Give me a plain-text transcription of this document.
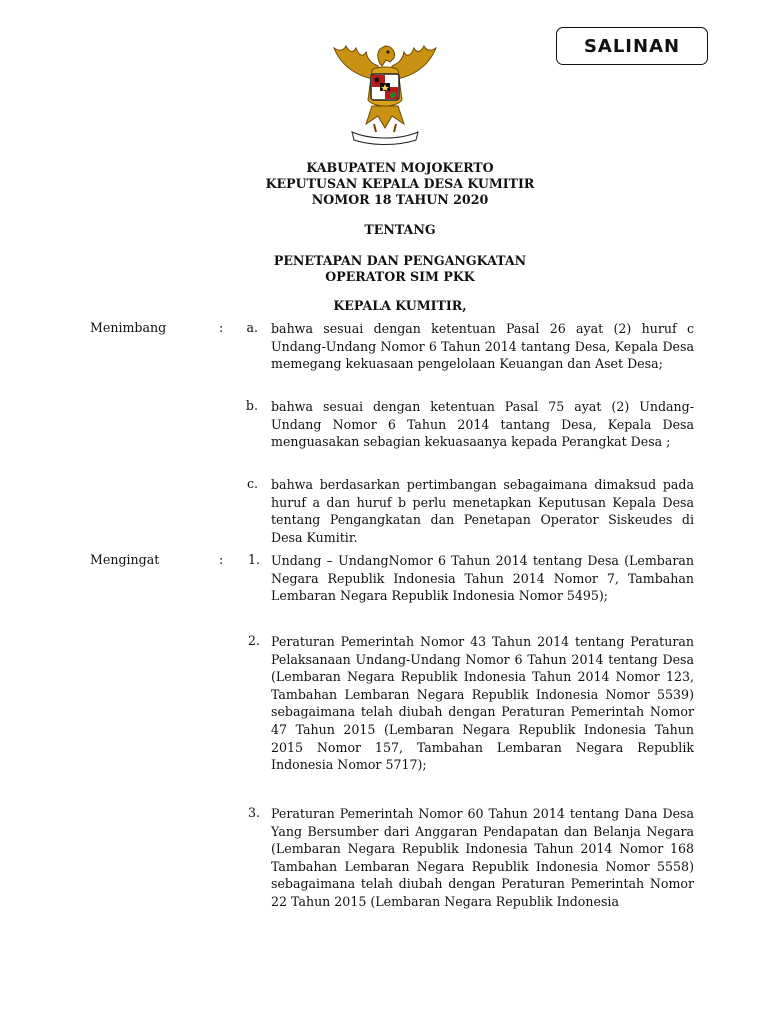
SALINAN
KABUPATEN MOJOKERTO
KEPUTUSAN KEPALA DESA KUMITIR
NOMOR 18 TAHUN 2020
TENTANG
PENETAPAN DAN PENGANGKATAN
OPERATOR SIM PKK
KEPALA KUMITIR,
Menimbang	:	a. bahwa sesuai dengan ketentuan Pasal 26 ayat (2) huruf c Undang-Undang Nomor 6 Tahun 2014 tantang Desa, Kepala Desa memegang kekuasaan pengelolaan Keuangan dan Aset Desa;
b. bahwa sesuai dengan ketentuan Pasal 75 ayat (2) Undang-Undang Nomor 6 Tahun 2014 tantang Desa, Kepala Desa menguasakan sebagian kekuasaanya kepada Perangkat Desa ;
c. bahwa berdasarkan pertimbangan sebagaimana dimaksud pada huruf a dan huruf b perlu menetapkan Keputusan Kepala Desa tentang Pengangkatan dan Penetapan Operator Siskeudes di Desa Kumitir.
Mengingat	:	1. Undang – UndangNomor 6 Tahun 2014 tentang Desa (Lembaran Negara Republik Indonesia Tahun 2014 Nomor 7, Tambahan Lembaran Negara Republik Indonesia Nomor 5495);
2. Peraturan Pemerintah Nomor 43 Tahun 2014 tentang Peraturan Pelaksanaan Undang-Undang Nomor 6 Tahun 2014 tentang Desa (Lembaran Negara Republik Indonesia Tahun 2014 Nomor 123, Tambahan Lembaran Negara Republik Indonesia Nomor 5539) sebagaimana telah diubah dengan Peraturan Pemerintah Nomor 47 Tahun 2015 (Lembaran Negara Republik Indonesia Tahun 2015 Nomor 157, Tambahan Lembaran Negara Republik Indonesia Nomor 5717);
3. Peraturan Pemerintah Nomor 60 Tahun 2014 tentang Dana Desa Yang Bersumber dari Anggaran Pendapatan dan Belanja Negara (Lembaran Negara Republik Indonesia Tahun 2014 Nomor 168 Tambahan Lembaran Negara Republik Indonesia Nomor 5558) sebagaimana telah diubah dengan Peraturan Pemerintah Nomor 22 Tahun 2015 (Lembaran Negara Republik Indonesia
